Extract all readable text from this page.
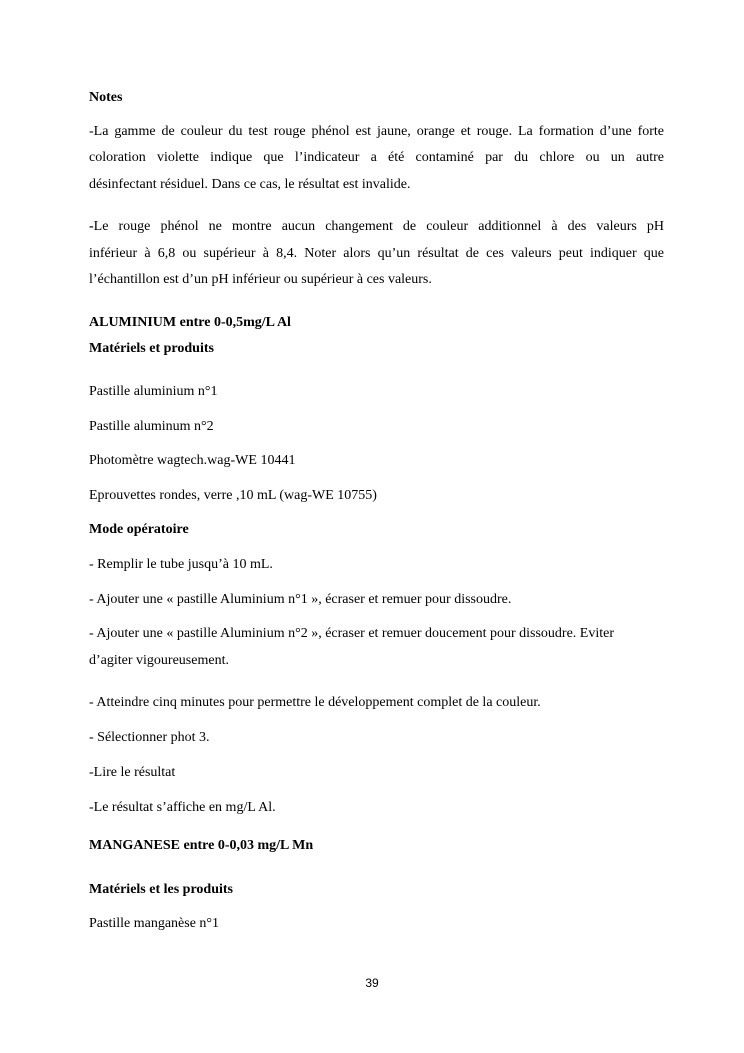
Notes
-La gamme de couleur du test rouge phénol est jaune, orange et rouge. La formation d’une forte
coloration violette indique que l’indicateur a été contaminé par du chlore ou un autre
désinfectant résiduel. Dans ce cas, le résultat est invalide.
-Le rouge phénol ne montre aucun changement de couleur additionnel à des valeurs pH
inférieur à 6,8 ou supérieur à 8,4. Noter alors qu’un résultat de ces valeurs peut indiquer que
l’échantillon est d’un pH inférieur ou supérieur à ces valeurs.
ALUMINIUM entre 0-0,5mg/L Al
Matériels et produits
Pastille aluminium n°1
Pastille aluminum n°2
Photomètre wagtech.wag-WE 10441
Eprouvettes rondes, verre ,10 mL (wag-WE 10755)
Mode opératoire
- Remplir le tube jusqu’à 10 mL.
- Ajouter une « pastille Aluminium n°1 », écraser et remuer pour dissoudre.
- Ajouter une « pastille Aluminium n°2 », écraser et remuer doucement pour dissoudre. Eviter
d’agiter vigoureusement.
- Atteindre cinq minutes pour permettre le développement complet de la couleur.
- Sélectionner phot 3.
-Lire le résultat
-Le résultat s’affiche en mg/L Al.
MANGANESE entre 0-0,03 mg/L Mn
Matériels et les produits
Pastille manganèse n°1
39
